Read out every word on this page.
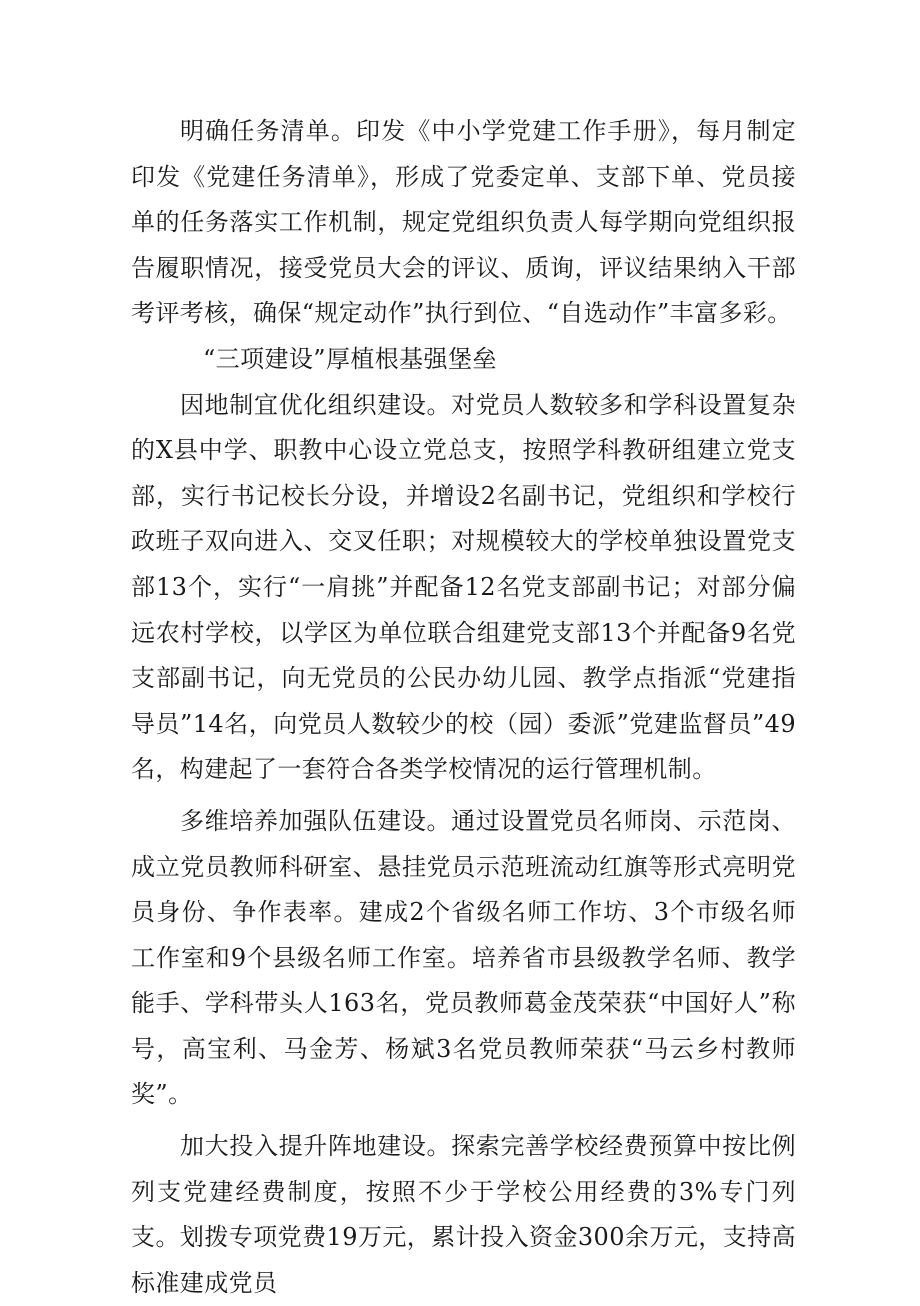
明确任务清单。印发《中小学党建工作手册》，每月制定印发《党建任务清单》，形成了党委定单、支部下单、党员接单的任务落实工作机制，规定党组织负责人每学期向党组织报告履职情况，接受党员大会的评议、质询，评议结果纳入干部考评考核，确保“规定动作”执行到位、“自选动作”丰富多彩。

“三项建设”厚植根基强堡垒

因地制宜优化组织建设。对党员人数较多和学科设置复杂的X县中学、职教中心设立党总支，按照学科教研组建立党支部，实行书记校长分设，并增设2名副书记，党组织和学校行政班子双向进入、交叉任职；对规模较大的学校单独设置党支部13个，实行“一肩挑”并配备12名党支部副书记；对部分偏远农村学校，以学区为单位联合组建党支部13个并配备9名党支部副书记，向无党员的公民办幼儿园、教学点指派“党建指导员”14名，向党员人数较少的校（园）委派”党建监督员”49名，构建起了一套符合各类学校情况的运行管理机制。

多维培养加强队伍建设。通过设置党员名师岗、示范岗、成立党员教师科研室、悬挂党员示范班流动红旗等形式亮明党员身份、争作表率。建成2个省级名师工作坊、3个市级名师工作室和9个县级名师工作室。培养省市县级教学名师、教学能手、学科带头人163名，党员教师葛金茂荣获“中国好人”称号，高宝利、马金芳、杨斌3名党员教师荣获“马云乡村教师奖”。

加大投入提升阵地建设。探索完善学校经费预算中按比例列支党建经费制度，按照不少于学校公用经费的3%专门列支。划拨专项党费19万元，累计投入资金300余万元，支持高标准建成党员
